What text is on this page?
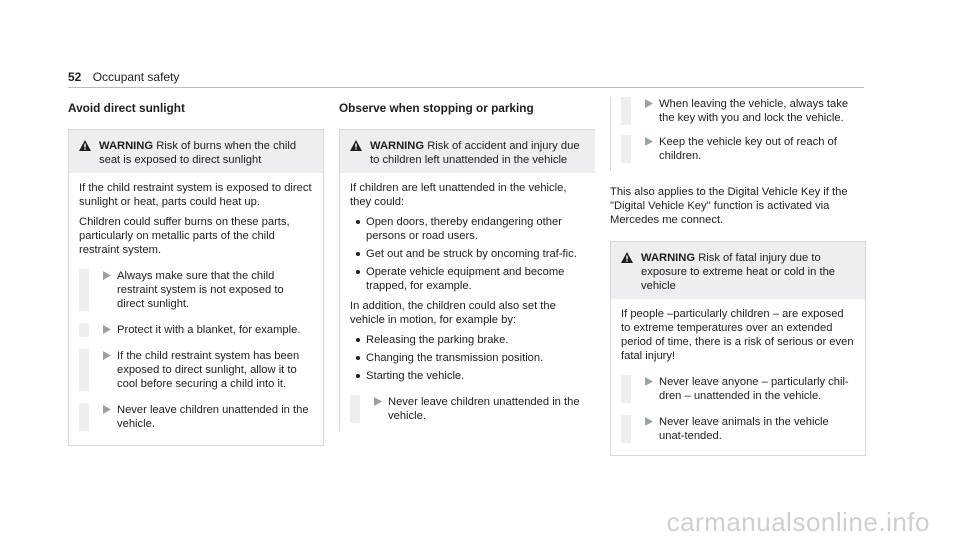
52 Occupant safety
Avoid direct sunlight
WARNING Risk of burns when the child seat is exposed to direct sunlight

If the child restraint system is exposed to direct sunlight or heat, parts could heat up.

Children could suffer burns on these parts, particularly on metallic parts of the child restraint system.

Always make sure that the child restraint system is not exposed to direct sunlight.
Protect it with a blanket, for example.
If the child restraint system has been exposed to direct sunlight, allow it to cool before securing a child into it.
Never leave children unattended in the vehicle.
Observe when stopping or parking
WARNING Risk of accident and injury due to children left unattended in the vehicle

If children are left unattended in the vehicle, they could:

Open doors, thereby endangering other persons or road users.
Get out and be struck by oncoming traf-fic.
Operate vehicle equipment and become trapped, for example.

In addition, the children could also set the vehicle in motion, for example by:

Releasing the parking brake.
Changing the transmission position.
Starting the vehicle.
Never leave children unattended in the vehicle.
When leaving the vehicle, always take the key with you and lock the vehicle.
Keep the vehicle key out of reach of children.

This also applies to the Digital Vehicle Key if the "Digital Vehicle Key" function is activated via Mercedes me connect.

WARNING Risk of fatal injury due to exposure to extreme heat or cold in the vehicle

If people –particularly children – are exposed to extreme temperatures over an extended period of time, there is a risk of serious or even fatal injury!

Never leave anyone – particularly chil-dren – unattended in the vehicle.
Never leave animals in the vehicle unat-tended.
carmanualsonline.info
